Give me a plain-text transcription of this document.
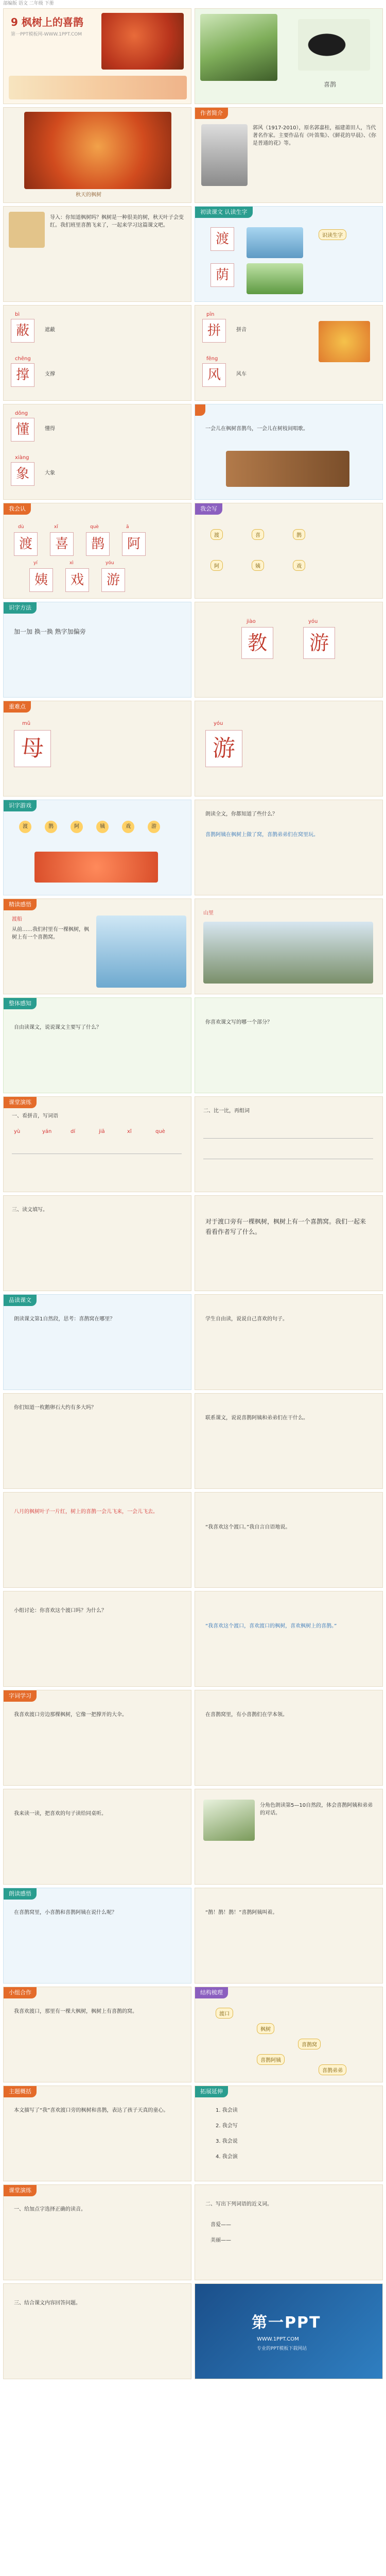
部编版 语文 二年级 下册
9 枫树上的喜鹊
第一PPT模板网-WWW.1PPT.COM
喜鹊
秋天的枫树
作者简介
郭风（1917-2010），原名郭嘉桂，福建莆田人，当代著名作家。主要作品有《叶笛集》、《鲜花的早晨》、《你是普通的花》等。
导入：你知道枫树吗？枫树是一种很美的树，秋天叶子会变红。我们班里喜鹊飞来了，一起来学习这篇课文吧。
初读课文 认读生字
渡
荫
识读生字
bì
蔽
chēng
撑
遮蔽
支撑
pīn
拼
fēng
风
拼音
风车
dǒng
懂
xiàng
象
懂得
大象
一会儿在枫树喜鹊鸟，一会儿在树枝间唱歌。
我会认
dù
渡
xǐ
喜
què
鹊
ā
阿
yí
姨
xì
戏
yóu
游
我会写
渡	喜	鹊
阿	姨	戏
识字方法
加一加 换一换 熟字加偏旁
jiào
教
yóu
游
重难点
mǔ
母
yóu
游
识字游戏
渡	鹊	阿	姨	戏	游
朗读全文，你都知道了些什么？
喜鹊阿姨在枫树上做了窝，喜鹊弟弟们在窝里玩。
精读感悟
渡船
从前……我们村里有一棵枫树，枫树上有一个喜鹊窝。
山里
整体感知
自由读课文，说说课文主要写了什么？
你喜欢课文写的哪一个部分？
课堂演练
一、看拼音，写词语
yù	yán	dí	jiā	xǐ	què
二、比一比，再组词
三、读文填写。
对于渡口旁有一棵枫树，枫树上有一个喜鹊窝。我们一起来看看作者写了什么。
品读课文
朗读课文第1自然段，思考：喜鹊窝在哪里？	学生自由读，说说自己喜欢的句子。
你们知道一枚鹅卵石大约有多大吗？
联系课文，说说喜鹊阿姨和弟弟们在干什么。
八月的枫树叶子一片红，树上的喜鹊一会儿飞来，一会儿飞去。
“我喜欢这个渡口。”我自言自语地说。
小组讨论：你喜欢这个渡口吗？为什么？
“我喜欢这个渡口，喜欢渡口的枫树，喜欢枫树上的喜鹊。”
字词学习
我喜欢渡口旁边那棵枫树，它像一把撑开的大伞。	在喜鹊窝里，有小喜鹊们在学本领。
我来读一读，把喜欢的句子读给同桌听。
分角色朗读第5—10自然段，体会喜鹊阿姨和弟弟的对话。
朗读感悟
在喜鹊窝里，小喜鹊和喜鹊阿姨在说什么呢？	“鹊！鹊！鹊！”喜鹊阿姨叫着。
小组合作
我喜欢渡口，那里有一棵大枫树，枫树上有喜鹊的窝。
结构梳理
渡口
枫树
喜鹊窝
喜鹊阿姨
喜鹊弟弟
主题概括
本文描写了“我”喜欢渡口旁的枫树和喜鹊，表达了孩子天真的童心。
拓展延伸
1. 我会读
2. 我会写
3. 我会说
4. 我会演
课堂演练
一、给加点字选择正确的读音。
二、写出下列词语的近义词。
喜爱——
美丽——
三、结合课文内容回答问题。
第一PPT
WWW.1PPT.COM
专业的PPT模板下载网站
